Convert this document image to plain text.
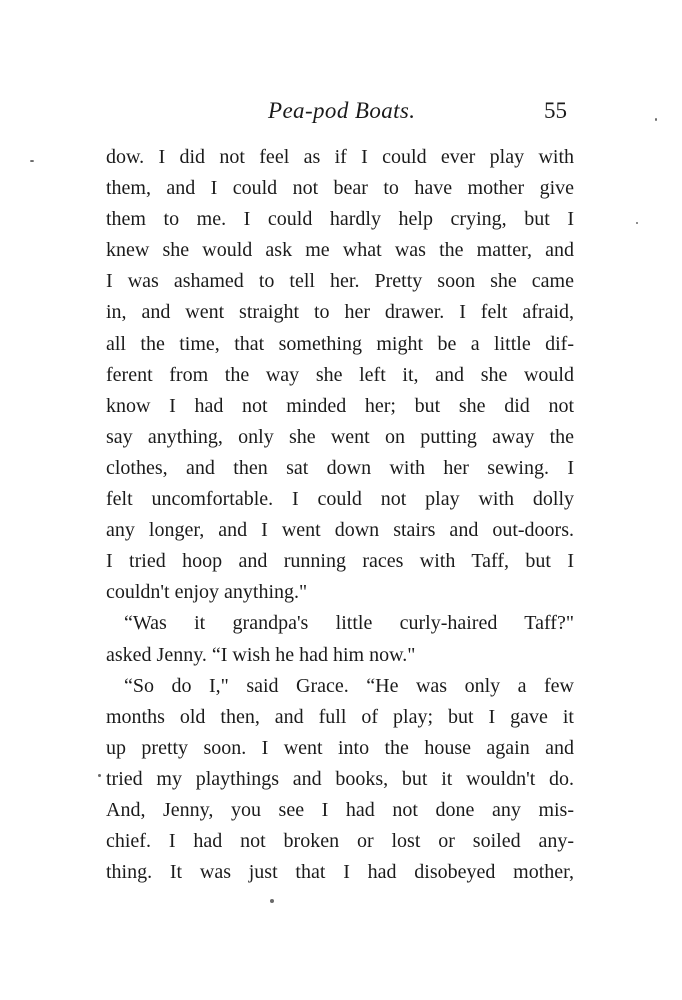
Pea-pod Boats.	55
dow. I did not feel as if I could ever play with
them, and I could not bear to have mother give
them to me. I could hardly help crying, but I
knew she would ask me what was the matter, and
I was ashamed to tell her. Pretty soon she came
in, and went straight to her drawer. I felt afraid,
all the time, that something might be a little dif-
ferent from the way she left it, and she would
know I had not minded her; but she did not
say anything, only she went on putting away the
clothes, and then sat down with her sewing. I
felt uncomfortable. I could not play with dolly
any longer, and I went down stairs and out-doors.
I tried hoop and running races with Taff, but I
couldn't enjoy anything."
“Was it grandpa's little curly-haired Taff?"
asked Jenny. “I wish he had him now."
“So do I," said Grace. “He was only a few
months old then, and full of play; but I gave it
up pretty soon. I went into the house again and
tried my playthings and books, but it wouldn't do.
And, Jenny, you see I had not done any mis-
chief. I had not broken or lost or soiled any-
thing. It was just that I had disobeyed mother,
